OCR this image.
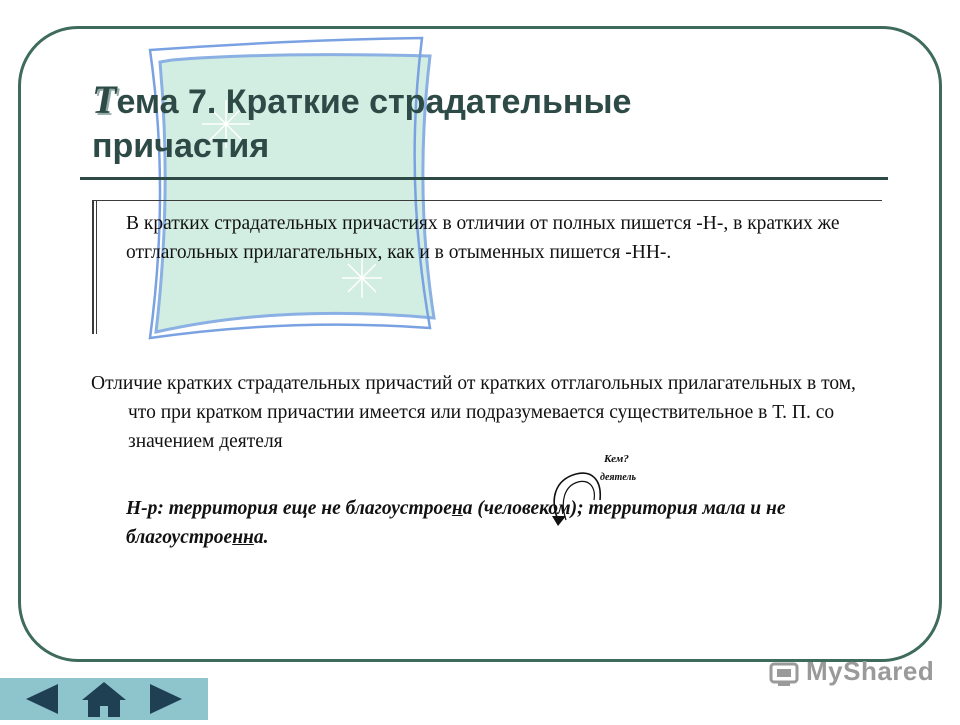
Тема 7. Краткие страдательные
причастия

В кратких страдательных причастиях в отличии от полных пишется -Н-, в кратких же отглагольных прилагательных, как и в отыменных пишется -НН-.

Отличие кратких страдательных причастий от кратких отглагольных прилагательных в том, что при кратком причастии имеется или подразумевается существительное в Т. П. со значением деятеля

Кем?
деятель

Н-р: территория еще не благоустроена (человеком); территория мала и не благоустроенна.

MyShared
